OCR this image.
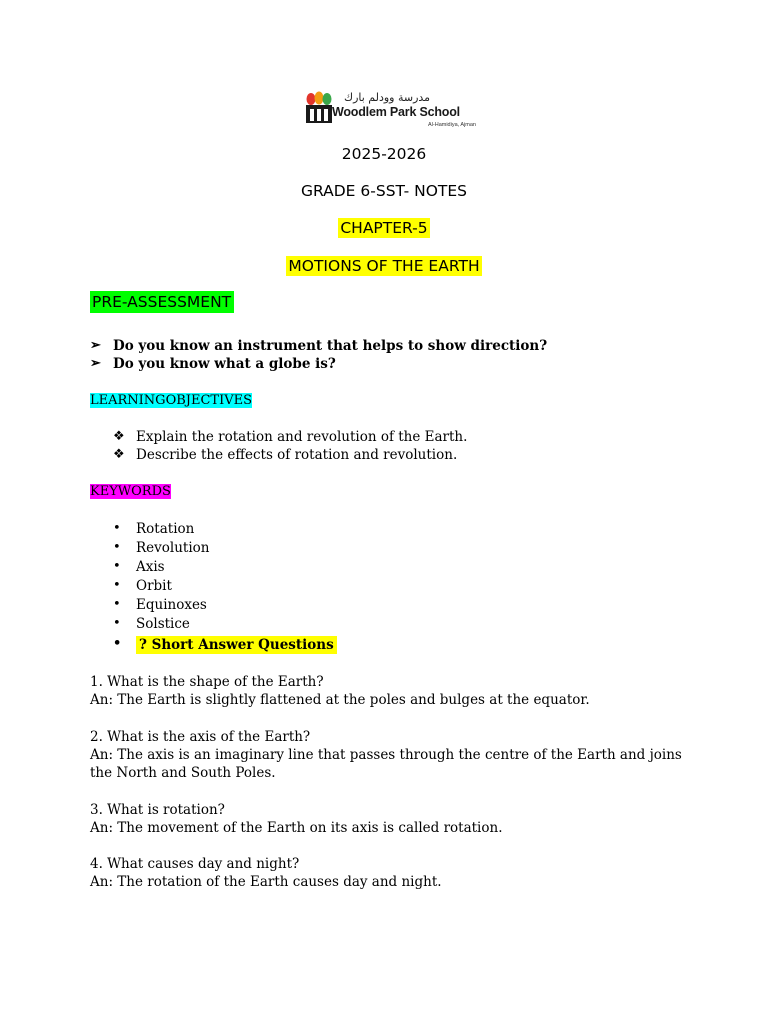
مدرسة وودلم بارك
Woodlem Park School
Al-Hamidiya, Ajman
2025-2026
GRADE 6-SST- NOTES
CHAPTER-5
MOTIONS OF THE EARTH
PRE-ASSESSMENT
➢ Do you know an instrument that helps to show direction?
➢ Do you know what a globe is?
LEARNINGOBJECTIVES
❖ Explain the rotation and revolution of the Earth.
❖ Describe the effects of rotation and revolution.
KEYWORDS
• Rotation
• Revolution
• Axis
• Orbit
• Equinoxes
• Solstice
• ? Short Answer Questions
1. What is the shape of the Earth?
An: The Earth is slightly flattened at the poles and bulges at the equator.
2. What is the axis of the Earth?
An: The axis is an imaginary line that passes through the centre of the Earth and joins the North and South Poles.
3. What is rotation?
An: The movement of the Earth on its axis is called rotation.
4. What causes day and night?
An: The rotation of the Earth causes day and night.
